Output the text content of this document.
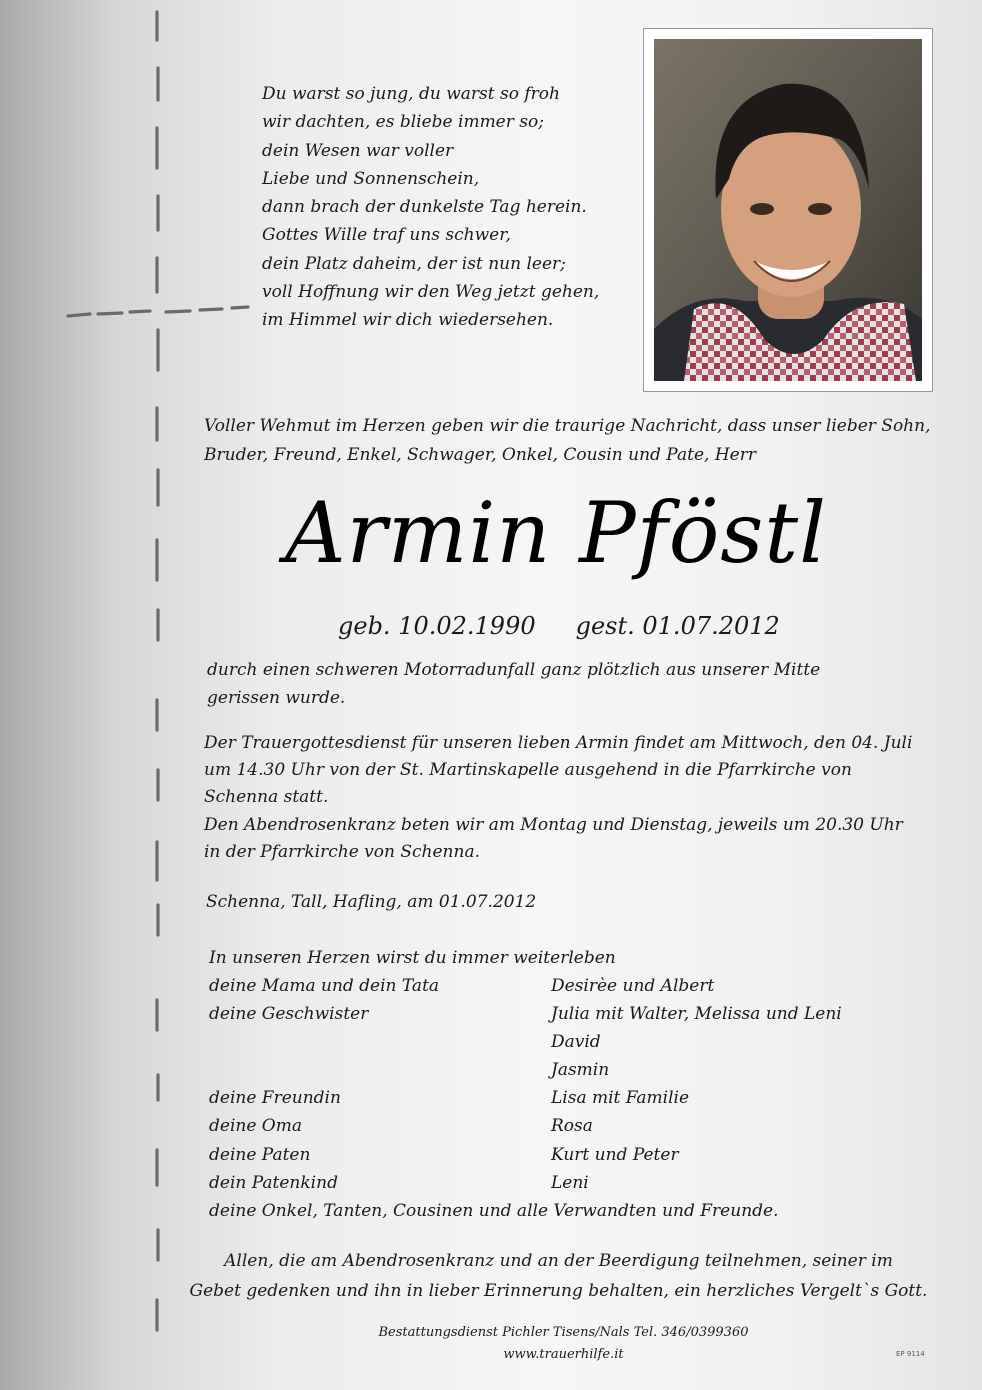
Du warst so jung, du warst so froh
wir dachten, es bliebe immer so;
dein Wesen war voller
Liebe und Sonnenschein,
dann brach der dunkelste Tag herein.
Gottes Wille traf uns schwer,
dein Platz daheim, der ist nun leer;
voll Hoffnung wir den Weg jetzt gehen,
im Himmel wir dich wiedersehen.
Voller Wehmut im Herzen geben wir die traurige Nachricht, dass unser lieber Sohn,
Bruder, Freund, Enkel, Schwager, Onkel, Cousin und Pate, Herr
Armin Pföstl
geb. 10.02.1990 gest. 01.07.2012
durch einen schweren Motorradunfall ganz plötzlich aus unserer Mitte
gerissen wurde.
Der Trauergottesdienst für unseren lieben Armin findet am Mittwoch, den 04. Juli
um 14.30 Uhr von der St. Martinskapelle ausgehend in die Pfarrkirche von
Schenna statt.
Den Abendrosenkranz beten wir am Montag und Dienstag, jeweils um 20.30 Uhr
in der Pfarrkirche von Schenna.
Schenna, Tall, Hafling, am 01.07.2012
In unseren Herzen wirst du immer weiterleben
deine Mama und dein Tata	Desirèe und Albert
deine Geschwister	Julia mit Walter, Melissa und Leni
David
Jasmin
deine Freundin	Lisa mit Familie
deine Oma	Rosa
deine Paten	Kurt und Peter
dein Patenkind	Leni
deine Onkel, Tanten, Cousinen und alle Verwandten und Freunde.
Allen, die am Abendrosenkranz und an der Beerdigung teilnehmen, seiner im
Gebet gedenken und ihn in lieber Erinnerung behalten, ein herzliches Vergelt`s Gott.
Bestattungsdienst Pichler Tisens/Nals Tel. 346/0399360
www.trauerhilfe.it	EP 9114
